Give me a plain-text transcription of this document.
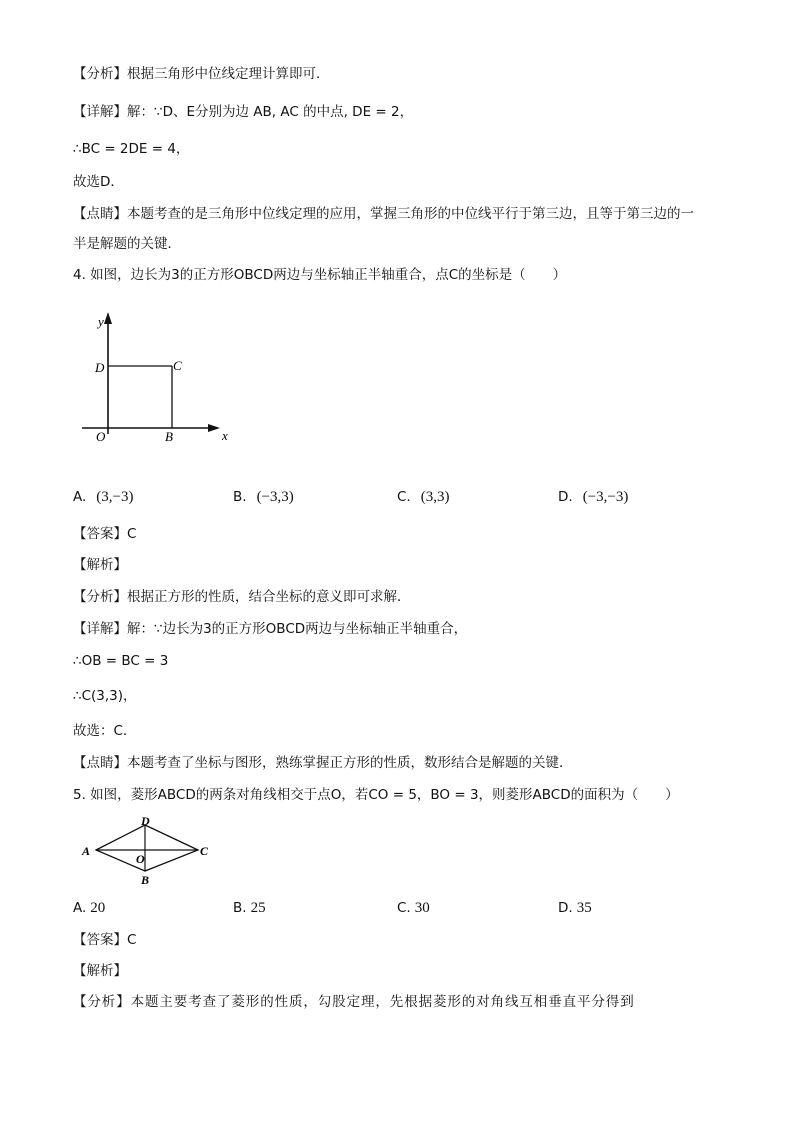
【分析】根据三角形中位线定理计算即可．
【详解】解：∵D、E分别为边 AB, AC 的中点, DE = 2，
∴BC = 2DE = 4，
故选D．
【点睛】本题考查的是三角形中位线定理的应用，掌握三角形的中位线平行于第三边，且等于第三边的一
半是解题的关键．
4. 如图，边长为3的正方形OBCD两边与坐标轴正半轴重合，点C的坐标是（　　）
y
x
D	C
O	B
A. (3,−3)	B. (−3,3)	C. (3,3)	D. (−3,−3)
【答案】C
【解析】
【分析】根据正方形的性质，结合坐标的意义即可求解．
【详解】解：∵边长为3的正方形OBCD两边与坐标轴正半轴重合，
∴OB = BC = 3
∴C(3,3)，
故选：C．
【点睛】本题考查了坐标与图形，熟练掌握正方形的性质，数形结合是解题的关键．
5. 如图，菱形ABCD的两条对角线相交于点O，若CO = 5，BO = 3，则菱形ABCD的面积为（　　）
A
D
C
O
B
A. 20	B. 25	C. 30	D. 35
【答案】C
【解析】
【分析】本题主要考查了菱形的性质，勾股定理，先根据菱形的对角线互相垂直平分得到
